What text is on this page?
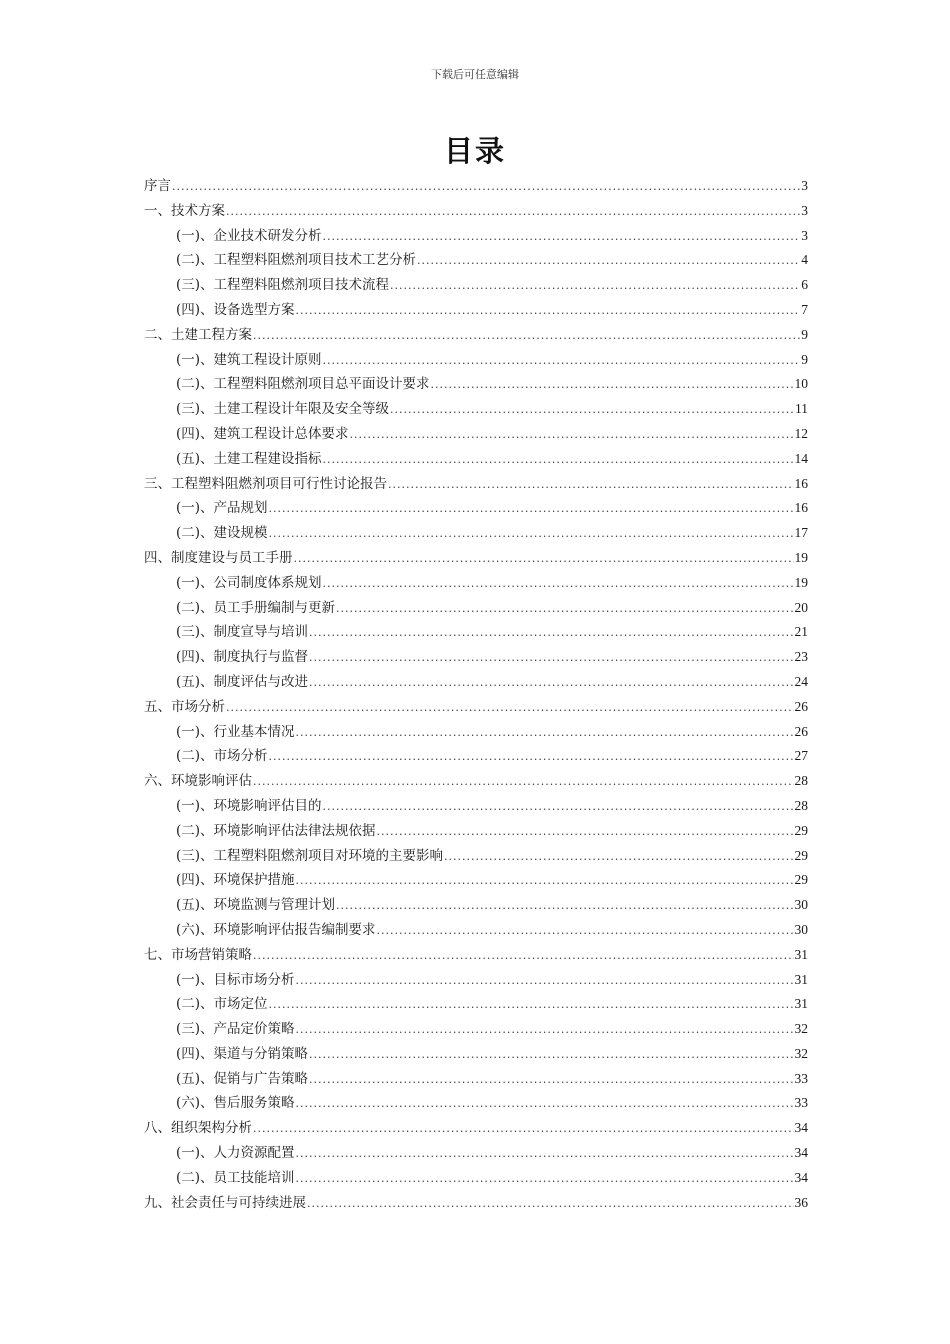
下载后可任意编辑
目录
序言 .....	3
一、技术方案 .....	3
(一)、企业技术研发分析 .....	3
(二)、工程塑料阻燃剂项目技术工艺分析 .....	4
(三)、工程塑料阻燃剂项目技术流程 .....	6
(四)、设备选型方案 .....	7
二、土建工程方案 .....	9
(一)、建筑工程设计原则 .....	9
(二)、工程塑料阻燃剂项目总平面设计要求 .....	10
(三)、土建工程设计年限及安全等级 .....	11
(四)、建筑工程设计总体要求 .....	12
(五)、土建工程建设指标 .....	14
三、工程塑料阻燃剂项目可行性讨论报告 .....	16
(一)、产品规划 .....	16
(二)、建设规模 .....	17
四、制度建设与员工手册 .....	19
(一)、公司制度体系规划 .....	19
(二)、员工手册编制与更新 .....	20
(三)、制度宣导与培训 .....	21
(四)、制度执行与监督 .....	23
(五)、制度评估与改进 .....	24
五、市场分析 .....	26
(一)、行业基本情况 .....	26
(二)、市场分析 .....	27
六、环境影响评估 .....	28
(一)、环境影响评估目的 .....	28
(二)、环境影响评估法律法规依据 .....	29
(三)、工程塑料阻燃剂项目对环境的主要影响 .....	29
(四)、环境保护措施 .....	29
(五)、环境监测与管理计划 .....	30
(六)、环境影响评估报告编制要求 .....	30
七、市场营销策略 .....	31
(一)、目标市场分析 .....	31
(二)、市场定位 .....	31
(三)、产品定价策略 .....	32
(四)、渠道与分销策略 .....	32
(五)、促销与广告策略 .....	33
(六)、售后服务策略 .....	33
八、组织架构分析 .....	34
(一)、人力资源配置 .....	34
(二)、员工技能培训 .....	34
九、社会责任与可持续进展 .....	36
